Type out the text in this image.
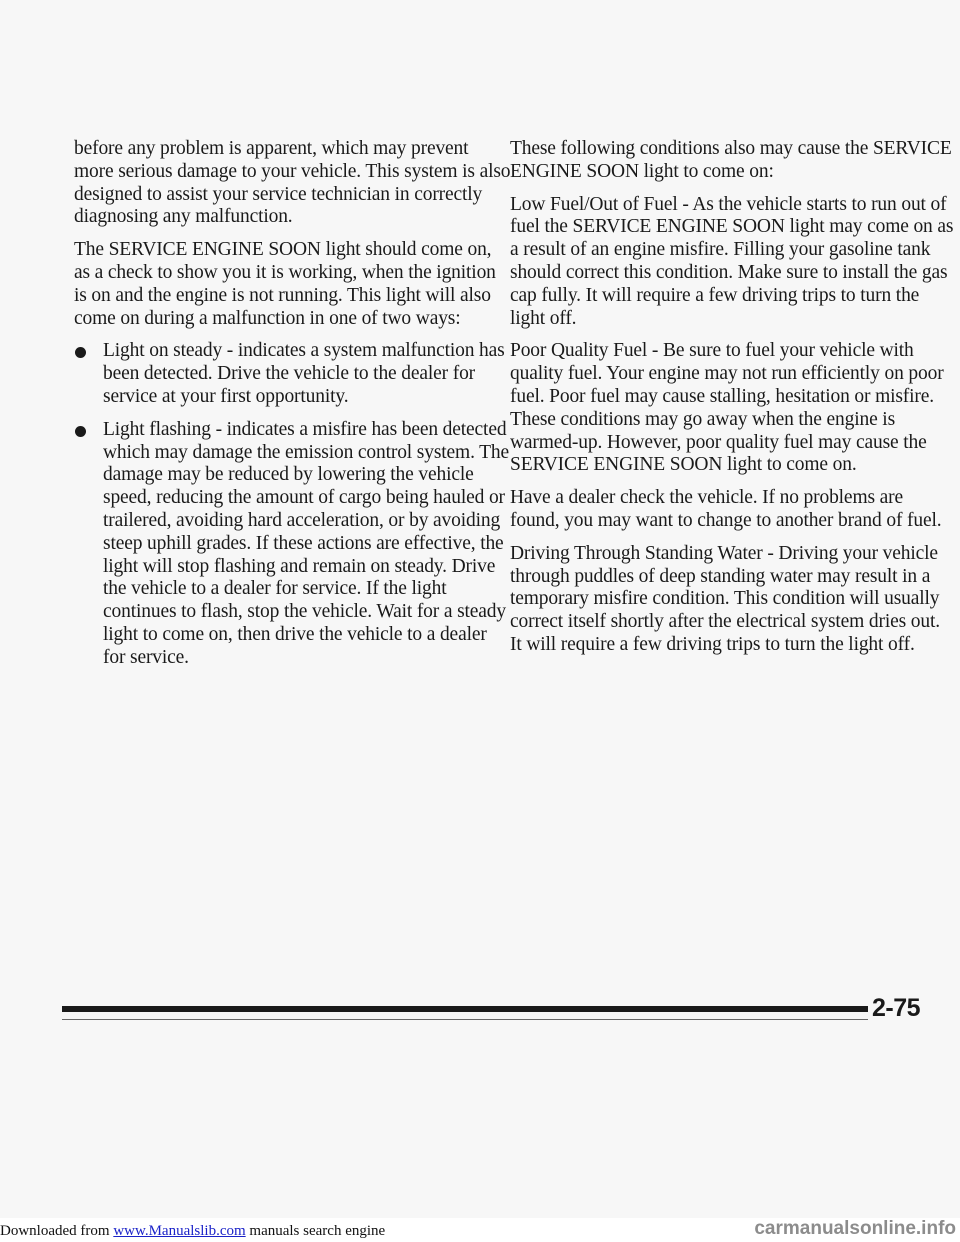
before any problem is apparent, which may prevent more serious damage to your vehicle. This system is also designed to assist your service technician in correctly diagnosing any malfunction.

The SERVICE ENGINE SOON light should come on, as a check to show you it is working, when the ignition is on and the engine is not running. This light will also come on during a malfunction in one of two ways:

Light on steady - indicates a system malfunction has been detected. Drive the vehicle to the dealer for service at your first opportunity.
Light flashing - indicates a misfire has been detected which may damage the emission control system. The damage may be reduced by lowering the vehicle speed, reducing the amount of cargo being hauled or trailered, avoiding hard acceleration, or by avoiding steep uphill grades. If these actions are effective, the light will stop flashing and remain on steady. Drive the vehicle to a dealer for service. If the light continues to flash, stop the vehicle. Wait for a steady light to come on, then drive the vehicle to a dealer for service.

These following conditions also may cause the SERVICE ENGINE SOON light to come on:

Low Fuel/Out of Fuel - As the vehicle starts to run out of fuel the SERVICE ENGINE SOON light may come on as a result of an engine misfire. Filling your gasoline tank should correct this condition. Make sure to install the gas cap fully. It will require a few driving trips to turn the light off.

Poor Quality Fuel - Be sure to fuel your vehicle with quality fuel. Your engine may not run efficiently on poor fuel. Poor fuel may cause stalling, hesitation or misfire. These conditions may go away when the engine is warmed-up. However, poor quality fuel may cause the SERVICE ENGINE SOON light to come on.

Have a dealer check the vehicle. If no problems are found, you may want to change to another brand of fuel.

Driving Through Standing Water - Driving your vehicle through puddles of deep standing water may result in a temporary misfire condition. This condition will usually correct itself shortly after the electrical system dries out. It will require a few driving trips to turn the light off.

2-75
carmanualsonline.info
Downloaded from www.Manualslib.com manuals search engine
